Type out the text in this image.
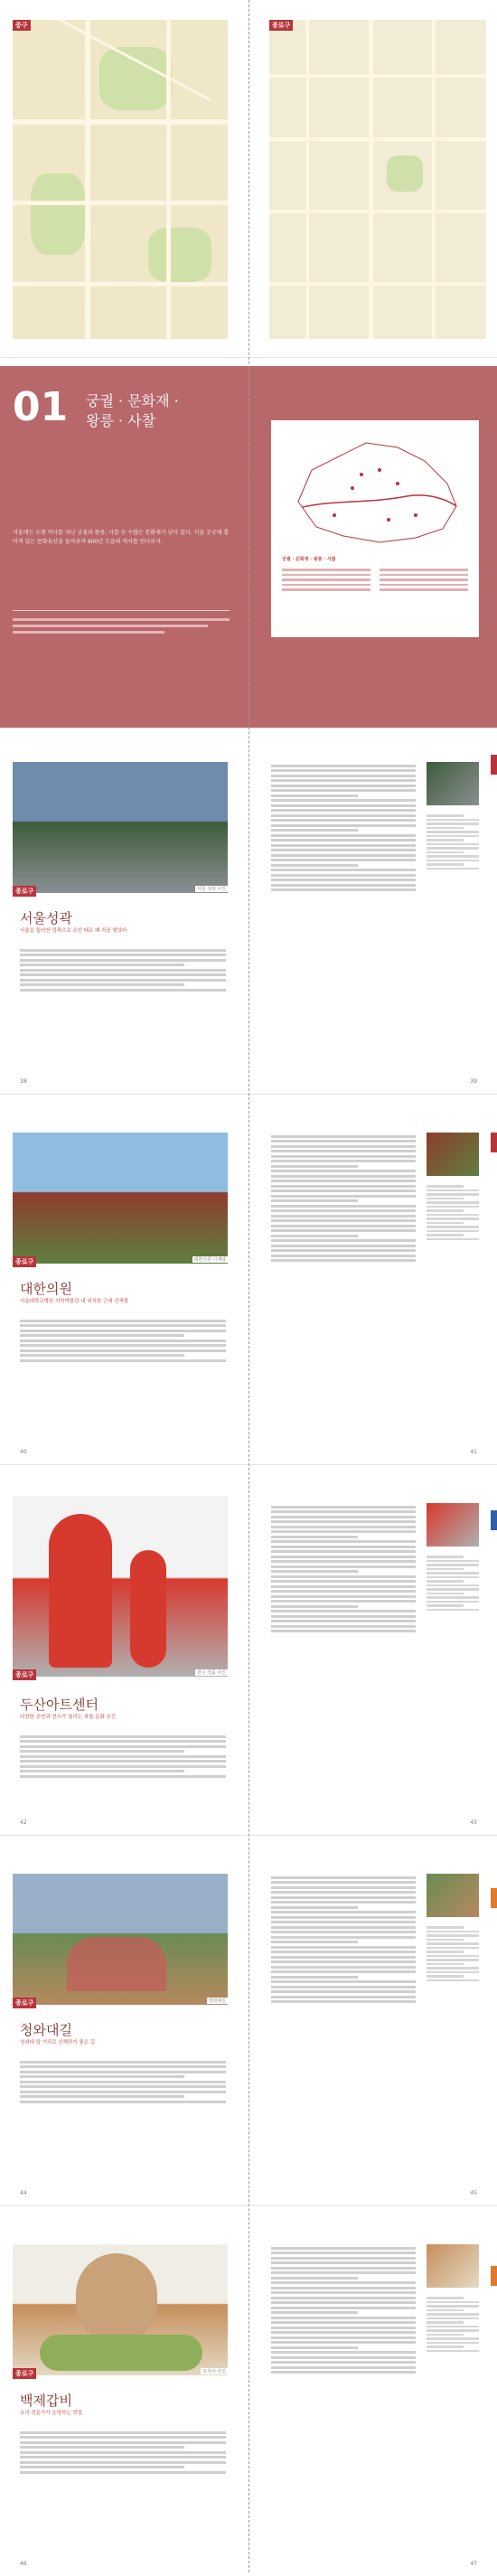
중구	종로구
01 궁궐 · 문화재 ·
왕릉 · 사찰
서울에는 오랜 역사를 지닌 궁궐과 왕릉, 사찰 등 수많은 문화재가 남아 있다. 서울 곳곳에 흩어져 있는 문화유산을 돌아보며 600년 도읍의 역사를 만나보자.
궁궐 · 문화재 · 왕릉 · 사찰
종로구	서울 성곽 사진
서울성곽
서울을 둘러싼 성곽으로 조선 태조 때 처음 쌓았다.
38	39
종로구	대한의원 시계탑
대한의원
서울대학교병원 의학박물관 내 위치한 근대 건축물
40	41
종로구	전시 작품 사진
두산아트센터
다양한 공연과 전시가 열리는 복합 문화 공간
42	43
종로구	청와대길
청와대길
청와대 앞 거리로 산책하기 좋은 길
44	45
종로구	요리사 사진
백제갑비
요리 전문가가 운영하는 맛집
46	47
